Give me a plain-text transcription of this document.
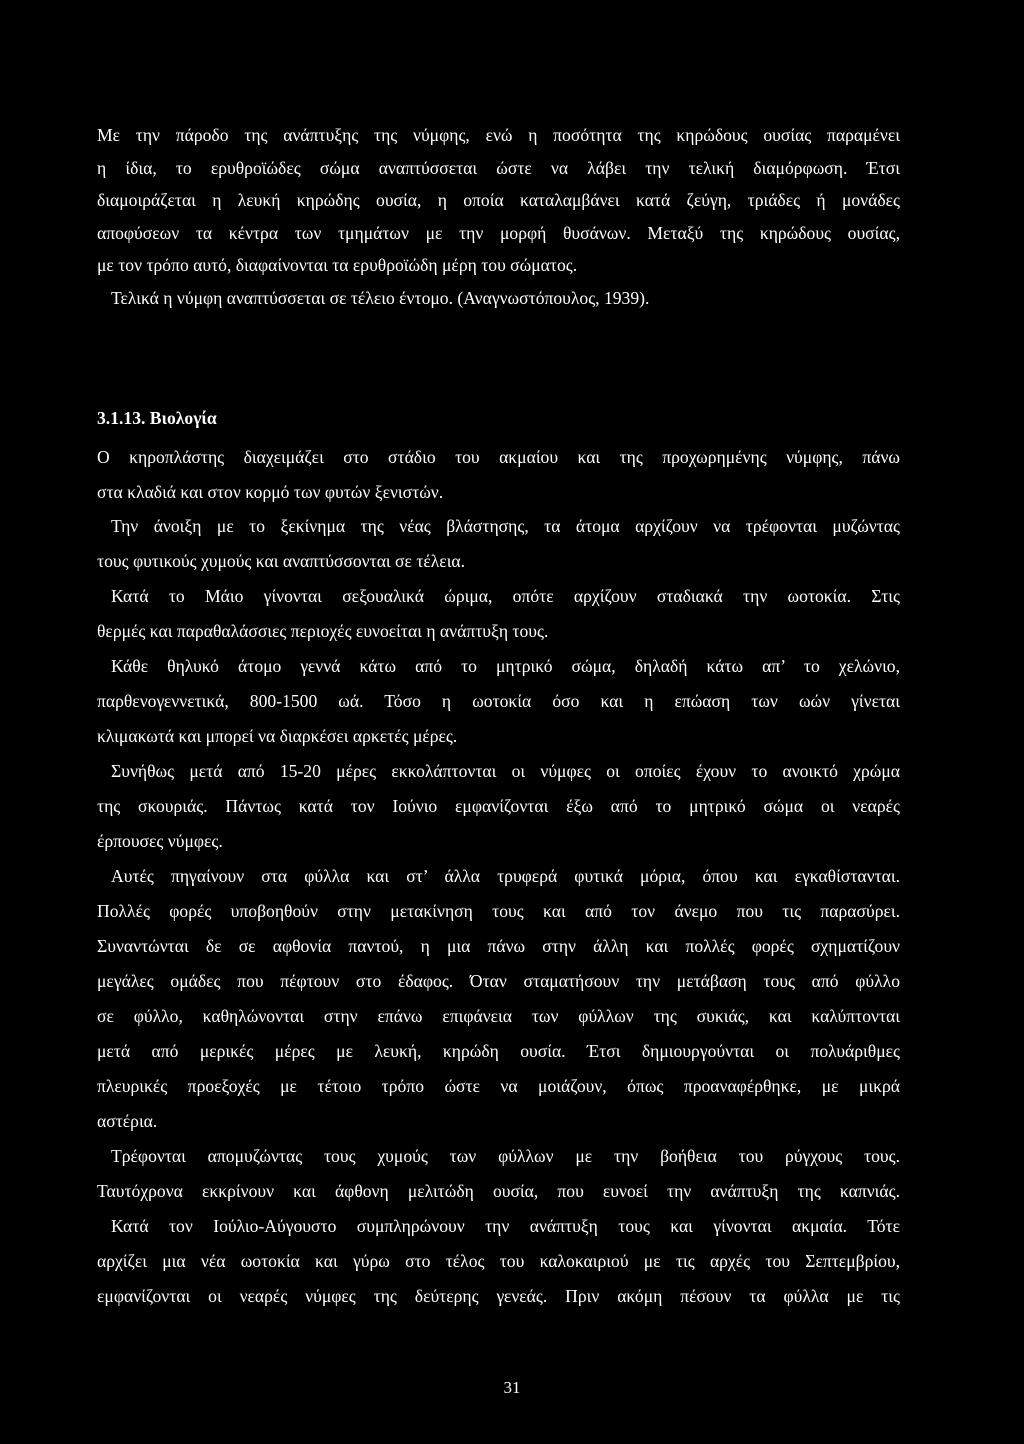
Με την πάροδο της ανάπτυξης της νύμφης, ενώ η ποσότητα της κηρώδους ουσίας παραμένει
η ίδια, το ερυθροϊώδες σώμα αναπτύσσεται ώστε να λάβει την τελική διαμόρφωση. Έτσι
διαμοιράζεται η λευκή κηρώδης ουσία, η οποία καταλαμβάνει κατά ζεύγη, τριάδες ή μονάδες
αποφύσεων τα κέντρα των τμημάτων με την μορφή θυσάνων. Μεταξύ της κηρώδους ουσίας,
με τον τρόπο αυτό, διαφαίνονται τα ερυθροϊώδη μέρη του σώματος.
Τελικά η νύμφη αναπτύσσεται σε τέλειο έντομο. (Αναγνωστόπουλος, 1939).
3.1.13. Βιολογία
Ο κηροπλάστης διαχειμάζει στο στάδιο του ακμαίου και της προχωρημένης νύμφης, πάνω
στα κλαδιά και στον κορμό των φυτών ξενιστών.
Την άνοιξη με το ξεκίνημα της νέας βλάστησης, τα άτομα αρχίζουν να τρέφονται μυζώντας
τους φυτικούς χυμούς και αναπτύσσονται σε τέλεια.
Κατά το Μάιο γίνονται σεξουαλικά ώριμα, οπότε αρχίζουν σταδιακά την ωοτοκία. Στις
θερμές και παραθαλάσσιες περιοχές ευνοείται η ανάπτυξη τους.
Κάθε θηλυκό άτομο γεννά κάτω από το μητρικό σώμα, δηλαδή κάτω απ’ το χελώνιο,
παρθενογεννετικά, 800-1500 ωά. Τόσο η ωοτοκία όσο και η επώαση των ωών γίνεται
κλιμακωτά και μπορεί να διαρκέσει αρκετές μέρες.
Συνήθως μετά από 15-20 μέρες εκκολάπτονται οι νύμφες οι οποίες έχουν το ανοικτό χρώμα
της σκουριάς. Πάντως κατά τον Ιούνιο εμφανίζονται έξω από το μητρικό σώμα οι νεαρές
έρπουσες νύμφες.
Αυτές πηγαίνουν στα φύλλα και στ’ άλλα τρυφερά φυτικά μόρια, όπου και εγκαθίστανται.
Πολλές φορές υποβοηθούν στην μετακίνηση τους και από τον άνεμο που τις παρασύρει.
Συναντώνται δε σε αφθονία παντού, η μια πάνω στην άλλη και πολλές φορές σχηματίζουν
μεγάλες ομάδες που πέφτουν στο έδαφος. Όταν σταματήσουν την μετάβαση τους από φύλλο
σε φύλλο, καθηλώνονται στην επάνω επιφάνεια των φύλλων της συκιάς, και καλύπτονται
μετά από μερικές μέρες με λευκή, κηρώδη ουσία. Έτσι δημιουργούνται οι πολυάριθμες
πλευρικές προεξοχές με τέτοιο τρόπο ώστε να μοιάζουν, όπως προαναφέρθηκε, με μικρά
αστέρια.
Τρέφονται απομυζώντας τους χυμούς των φύλλων με την βοήθεια του ρύγχους τους.
Ταυτόχρονα εκκρίνουν και άφθονη μελιτώδη ουσία, που ευνοεί την ανάπτυξη της καπνιάς.
Κατά τον Ιούλιο-Αύγουστο συμπληρώνουν την ανάπτυξη τους και γίνονται ακμαία. Τότε
αρχίζει μια νέα ωοτοκία και γύρω στο τέλος του καλοκαιριού με τις αρχές του Σεπτεμβρίου,
εμφανίζονται οι νεαρές νύμφες της δεύτερης γενεάς. Πριν ακόμη πέσουν τα φύλλα με τις
31
